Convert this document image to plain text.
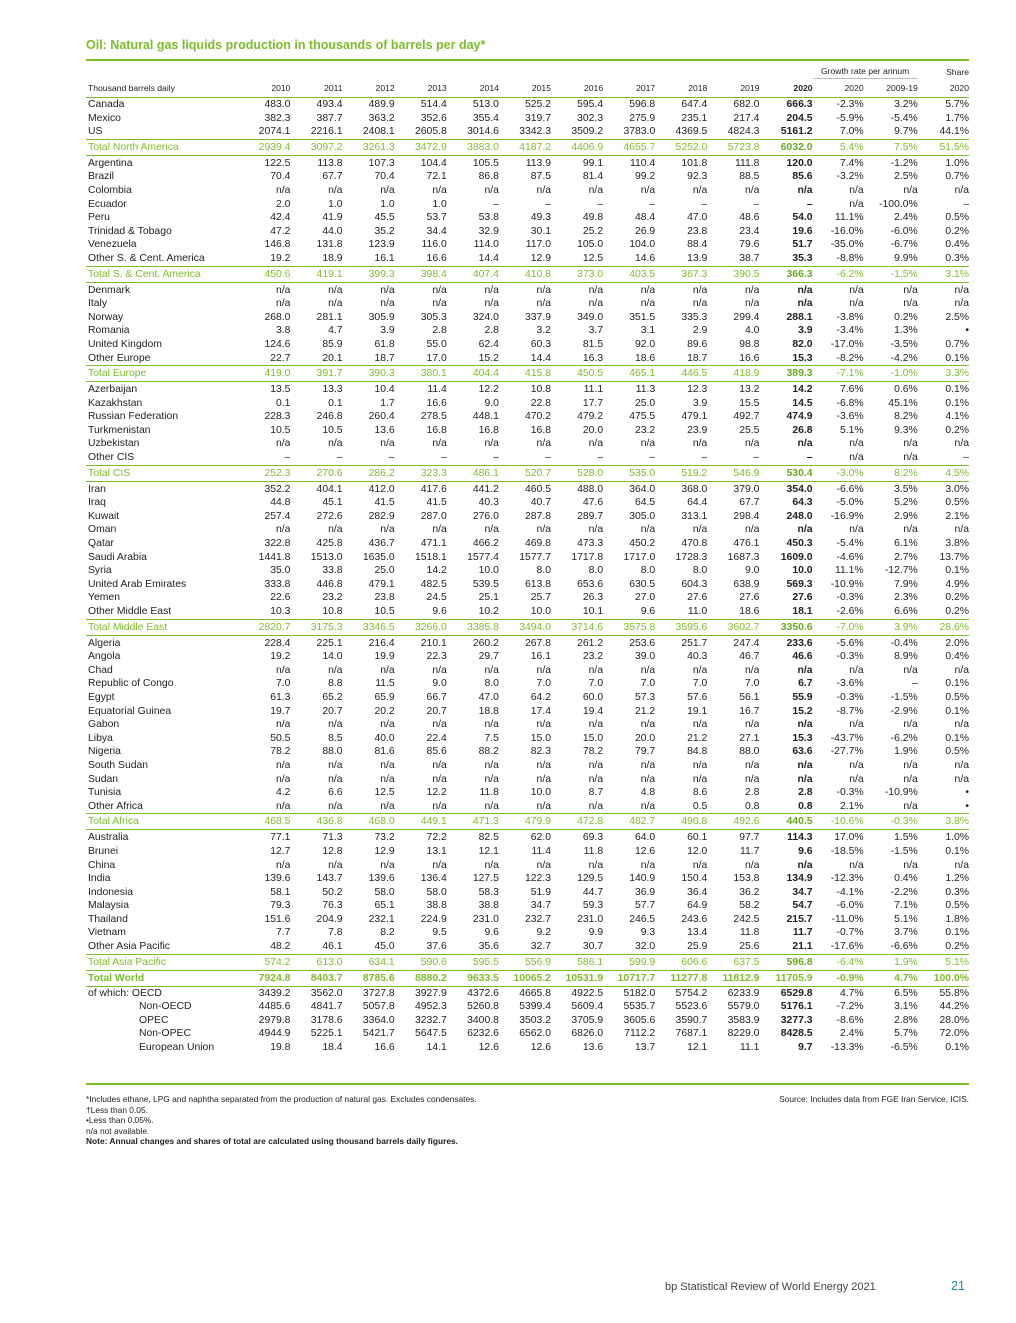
Oil: Natural gas liquids production in thousands of barrels per day*
												Growth rate per annum		Share
Thousand barrels daily	2010	2011	2012	2013	2014	2015	2016	2017	2018	2019	2020	2020	2009-19	2020
Canada	483.0	493.4	489.9	514.4	513.0	525.2	595.4	596.8	647.4	682.0	666.3	-2.3%	3.2%	5.7%
Mexico	382.3	387.7	363.2	352.6	355.4	319.7	302.3	275.9	235.1	217.4	204.5	-5.9%	-5.4%	1.7%
US	2074.1	2216.1	2408.1	2605.8	3014.6	3342.3	3509.2	3783.0	4369.5	4824.3	5161.2	7.0%	9.7%	44.1%
Total North America	2939.4	3097.2	3261.3	3472.9	3883.0	4187.2	4406.9	4655.7	5252.0	5723.8	6032.0	5.4%	7.5%	51.5%
Argentina	122.5	113.8	107.3	104.4	105.5	113.9	99.1	110.4	101.8	111.8	120.0	7.4%	-1.2%	1.0%
Brazil	70.4	67.7	70.4	72.1	86.8	87.5	81.4	99.2	92.3	88.5	85.6	-3.2%	2.5%	0.7%
Colombia	n/a	n/a	n/a	n/a	n/a	n/a	n/a	n/a	n/a	n/a	n/a	n/a	n/a	n/a
Ecuador	2.0	1.0	1.0	1.0	–	–	–	–	–	–	–	n/a	-100.0%	–
Peru	42.4	41.9	45.5	53.7	53.8	49.3	49.8	48.4	47.0	48.6	54.0	11.1%	2.4%	0.5%
Trinidad & Tobago	47.2	44.0	35.2	34.4	32.9	30.1	25.2	26.9	23.8	23.4	19.6	-16.0%	-6.0%	0.2%
Venezuela	146.8	131.8	123.9	116.0	114.0	117.0	105.0	104.0	88.4	79.6	51.7	-35.0%	-6.7%	0.4%
Other S. & Cent. America	19.2	18.9	16.1	16.6	14.4	12.9	12.5	14.6	13.9	38.7	35.3	-8.8%	9.9%	0.3%
Total S. & Cent. America	450.6	419.1	399.3	398.4	407.4	410.8	373.0	403.5	367.3	390.5	366.3	-6.2%	-1.5%	3.1%
Denmark	n/a	n/a	n/a	n/a	n/a	n/a	n/a	n/a	n/a	n/a	n/a	n/a	n/a	n/a
Italy	n/a	n/a	n/a	n/a	n/a	n/a	n/a	n/a	n/a	n/a	n/a	n/a	n/a	n/a
Norway	268.0	281.1	305.9	305.3	324.0	337.9	349.0	351.5	335.3	299.4	288.1	-3.8%	0.2%	2.5%
Romania	3.8	4.7	3.9	2.8	2.8	3.2	3.7	3.1	2.9	4.0	3.9	-3.4%	1.3%	•
United Kingdom	124.6	85.9	61.8	55.0	62.4	60.3	81.5	92.0	89.6	98.8	82.0	-17.0%	-3.5%	0.7%
Other Europe	22.7	20.1	18.7	17.0	15.2	14.4	16.3	18.6	18.7	16.6	15.3	-8.2%	-4.2%	0.1%
Total Europe	419.0	391.7	390.3	380.1	404.4	415.8	450.5	465.1	446.5	418.9	389.3	-7.1%	-1.0%	3.3%
Azerbaijan	13.5	13.3	10.4	11.4	12.2	10.8	11.1	11.3	12.3	13.2	14.2	7.6%	0.6%	0.1%
Kazakhstan	0.1	0.1	1.7	16.6	9.0	22.8	17.7	25.0	3.9	15.5	14.5	-6.8%	45.1%	0.1%
Russian Federation	228.3	246.8	260.4	278.5	448.1	470.2	479.2	475.5	479.1	492.7	474.9	-3.6%	8.2%	4.1%
Turkmenistan	10.5	10.5	13.6	16.8	16.8	16.8	20.0	23.2	23.9	25.5	26.8	5.1%	9.3%	0.2%
Uzbekistan	n/a	n/a	n/a	n/a	n/a	n/a	n/a	n/a	n/a	n/a	n/a	n/a	n/a	n/a
Other CIS	–	–	–	–	–	–	–	–	–	–	–	n/a	n/a	–
Total CIS	252.3	270.6	286.2	323.3	486.1	520.7	528.0	535.0	519.2	546.9	530.4	-3.0%	8.2%	4.5%
Iran	352.2	404.1	412.0	417.6	441.2	460.5	488.0	364.0	368.0	379.0	354.0	-6.6%	3.5%	3.0%
Iraq	44.8	45.1	41.5	41.5	40.3	40.7	47.6	64.5	64.4	67.7	64.3	-5.0%	5.2%	0.5%
Kuwait	257.4	272.6	282.9	287.0	276.0	287.8	289.7	305.0	313.1	298.4	248.0	-16.9%	2.9%	2.1%
Oman	n/a	n/a	n/a	n/a	n/a	n/a	n/a	n/a	n/a	n/a	n/a	n/a	n/a	n/a
Qatar	322.8	425.8	436.7	471.1	466.2	469.8	473.3	450.2	470.8	476.1	450.3	-5.4%	6.1%	3.8%
Saudi Arabia	1441.8	1513.0	1635.0	1518.1	1577.4	1577.7	1717.8	1717.0	1728.3	1687.3	1609.0	-4.6%	2.7%	13.7%
Syria	35.0	33.8	25.0	14.2	10.0	8.0	8.0	8.0	8.0	9.0	10.0	11.1%	-12.7%	0.1%
United Arab Emirates	333.8	446.8	479.1	482.5	539.5	613.8	653.6	630.5	604.3	638.9	569.3	-10.9%	7.9%	4.9%
Yemen	22.6	23.2	23.8	24.5	25.1	25.7	26.3	27.0	27.6	27.6	27.6	-0.3%	2.3%	0.2%
Other Middle East	10.3	10.8	10.5	9.6	10.2	10.0	10.1	9.6	11.0	18.6	18.1	-2.6%	6.6%	0.2%
Total Middle East	2820.7	3175.3	3346.5	3266.0	3385.8	3494.0	3714.6	3575.8	3595.6	3602.7	3350.6	-7.0%	3.9%	28.6%
Algeria	228.4	225.1	216.4	210.1	260.2	267.8	261.2	253.6	251.7	247.4	233.6	-5.6%	-0.4%	2.0%
Angola	19.2	14.0	19.9	22.3	29.7	16.1	23.2	39.0	40.3	46.7	46.6	-0.3%	8.9%	0.4%
Chad	n/a	n/a	n/a	n/a	n/a	n/a	n/a	n/a	n/a	n/a	n/a	n/a	n/a	n/a
Republic of Congo	7.0	8.8	11.5	9.0	8.0	7.0	7.0	7.0	7.0	7.0	6.7	-3.6%	–	0.1%
Egypt	61.3	65.2	65.9	66.7	47.0	64.2	60.0	57.3	57.6	56.1	55.9	-0.3%	-1.5%	0.5%
Equatorial Guinea	19.7	20.7	20.2	20.7	18.8	17.4	19.4	21.2	19.1	16.7	15.2	-8.7%	-2.9%	0.1%
Gabon	n/a	n/a	n/a	n/a	n/a	n/a	n/a	n/a	n/a	n/a	n/a	n/a	n/a	n/a
Libya	50.5	8.5	40.0	22.4	7.5	15.0	15.0	20.0	21.2	27.1	15.3	-43.7%	-6.2%	0.1%
Nigeria	78.2	88.0	81.6	85.6	88.2	82.3	78.2	79.7	84.8	88.0	63.6	-27.7%	1.9%	0.5%
South Sudan	n/a	n/a	n/a	n/a	n/a	n/a	n/a	n/a	n/a	n/a	n/a	n/a	n/a	n/a
Sudan	n/a	n/a	n/a	n/a	n/a	n/a	n/a	n/a	n/a	n/a	n/a	n/a	n/a	n/a
Tunisia	4.2	6.6	12.5	12.2	11.8	10.0	8.7	4.8	8.6	2.8	2.8	-0.3%	-10.9%	•
Other Africa	n/a	n/a	n/a	n/a	n/a	n/a	n/a	n/a	0.5	0.8	0.8	2.1%	n/a	•
Total Africa	468.5	436.8	468.0	449.1	471.3	479.9	472.8	482.7	490.8	492.6	440.5	-10.6%	-0.3%	3.8%
Australia	77.1	71.3	73.2	72.2	82.5	62.0	69.3	64.0	60.1	97.7	114.3	17.0%	1.5%	1.0%
Brunei	12.7	12.8	12.9	13.1	12.1	11.4	11.8	12.6	12.0	11.7	9.6	-18.5%	-1.5%	0.1%
China	n/a	n/a	n/a	n/a	n/a	n/a	n/a	n/a	n/a	n/a	n/a	n/a	n/a	n/a
India	139.6	143.7	139.6	136.4	127.5	122.3	129.5	140.9	150.4	153.8	134.9	-12.3%	0.4%	1.2%
Indonesia	58.1	50.2	58.0	58.0	58.3	51.9	44.7	36.9	36.4	36.2	34.7	-4.1%	-2.2%	0.3%
Malaysia	79.3	76.3	65.1	38.8	38.8	34.7	59.3	57.7	64.9	58.2	54.7	-6.0%	7.1%	0.5%
Thailand	151.6	204.9	232.1	224.9	231.0	232.7	231.0	246.5	243.6	242.5	215.7	-11.0%	5.1%	1.8%
Vietnam	7.7	7.8	8.2	9.5	9.6	9.2	9.9	9.3	13.4	11.8	11.7	-0.7%	3.7%	0.1%
Other Asia Pacific	48.2	46.1	45.0	37.6	35.6	32.7	30.7	32.0	25.9	25.6	21.1	-17.6%	-6.6%	0.2%
Total Asia Pacific	574.2	613.0	634.1	590.6	595.5	556.9	586.1	599.9	606.6	637.5	596.8	-6.4%	1.9%	5.1%
Total World	7924.8	8403.7	8785.6	8880.2	9633.5	10065.2	10531.9	10717.7	11277.8	11812.9	11705.9	-0.9%	4.7%	100.0%
of which: OECD	3439.2	3562.0	3727.8	3927.9	4372.6	4665.8	4922.5	5182.0	5754.2	6233.9	6529.8	4.7%	6.5%	55.8%
Non-OECD	4485.6	4841.7	5057.8	4952.3	5260.8	5399.4	5609.4	5535.7	5523.6	5579.0	5176.1	-7.2%	3.1%	44.2%
OPEC	2979.8	3178.6	3364.0	3232.7	3400.8	3503.2	3705.9	3605.6	3590.7	3583.9	3277.3	-8.6%	2.8%	28.0%
Non-OPEC	4944.9	5225.1	5421.7	5647.5	6232.6	6562.0	6826.0	7112.2	7687.1	8229.0	8428.5	2.4%	5.7%	72.0%
European Union	19.8	18.4	16.6	14.1	12.6	12.6	13.6	13.7	12.1	11.1	9.7	-13.3%	-6.5%	0.1%
*Includes ethane, LPG and naphtha separated from the production of natural gas. Excludes condensates.
†Less than 0.05.
•Less than 0.05%.
n/a not available.
Note: Annual changes and shares of total are calculated using thousand barrels daily figures.
Source: Includes data from FGE Iran Service, ICIS.
bp Statistical Review of World Energy 2021	21
